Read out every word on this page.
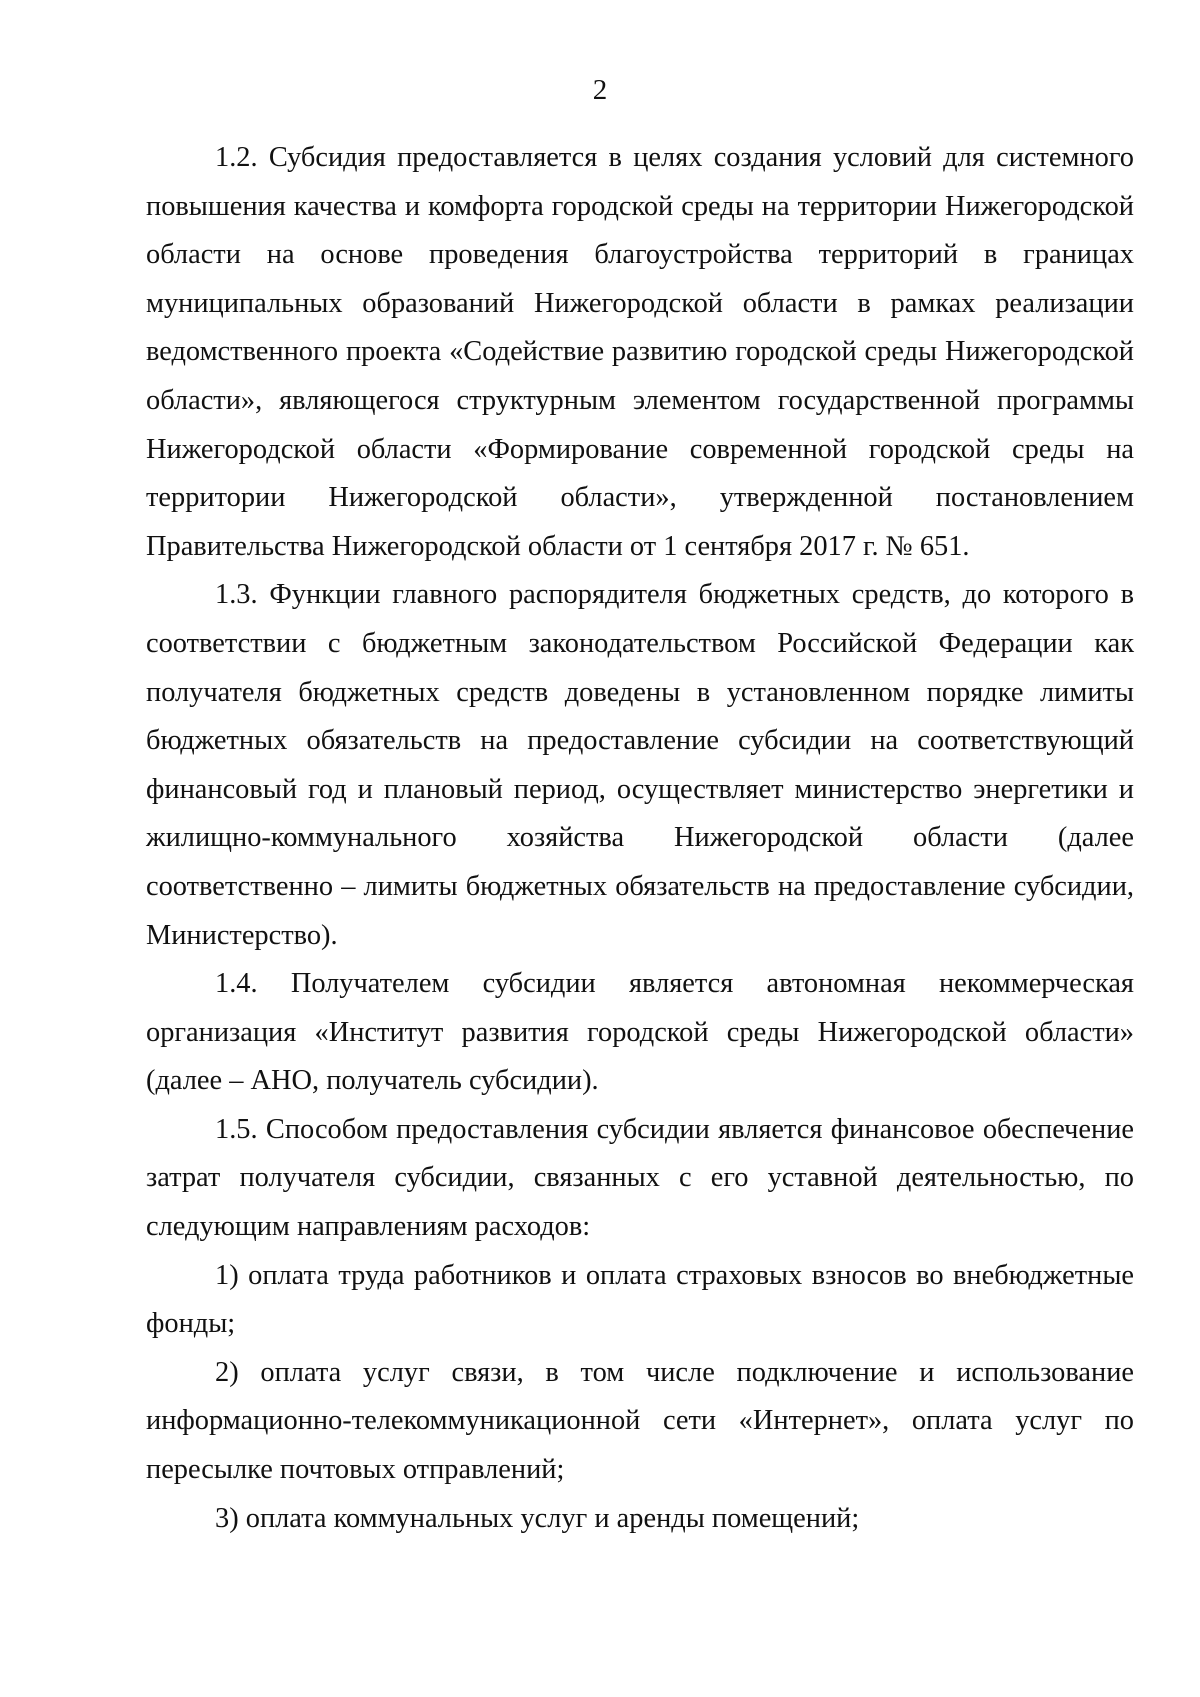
2

1.2. Субсидия предоставляется в целях создания условий для системного повышения качества и комфорта городской среды на территории Нижегородской области на основе проведения благоустройства территорий в границах муниципальных образований Нижегородской области в рамках реализации ведомственного проекта «Содействие развитию городской среды Нижегородской области», являющегося структурным элементом государственной программы Нижегородской области «Формирование современной городской среды на территории Нижегородской области», утвержденной постановлением Правительства Нижегородской области от 1 сентября 2017 г. № 651.

1.3. Функции главного распорядителя бюджетных средств, до которого в соответствии с бюджетным законодательством Российской Федерации как получателя бюджетных средств доведены в установленном порядке лимиты бюджетных обязательств на предоставление субсидии на соответствующий финансовый год и плановый период, осуществляет министерство энергетики и жилищно-коммунального хозяйства Нижегородской области (далее соответственно – лимиты бюджетных обязательств на предоставление субсидии, Министерство).

1.4. Получателем субсидии является автономная некоммерческая организация «Институт развития городской среды Нижегородской области» (далее – АНО, получатель субсидии).

1.5. Способом предоставления субсидии является финансовое обеспечение затрат получателя субсидии, связанных с его уставной деятельностью, по следующим направлениям расходов:

1) оплата труда работников и оплата страховых взносов во внебюджетные фонды;

2) оплата услуг связи, в том числе подключение и использование информационно-телекоммуникационной сети «Интернет», оплата услуг по пересылке почтовых отправлений;

3) оплата коммунальных услуг и аренды помещений;
